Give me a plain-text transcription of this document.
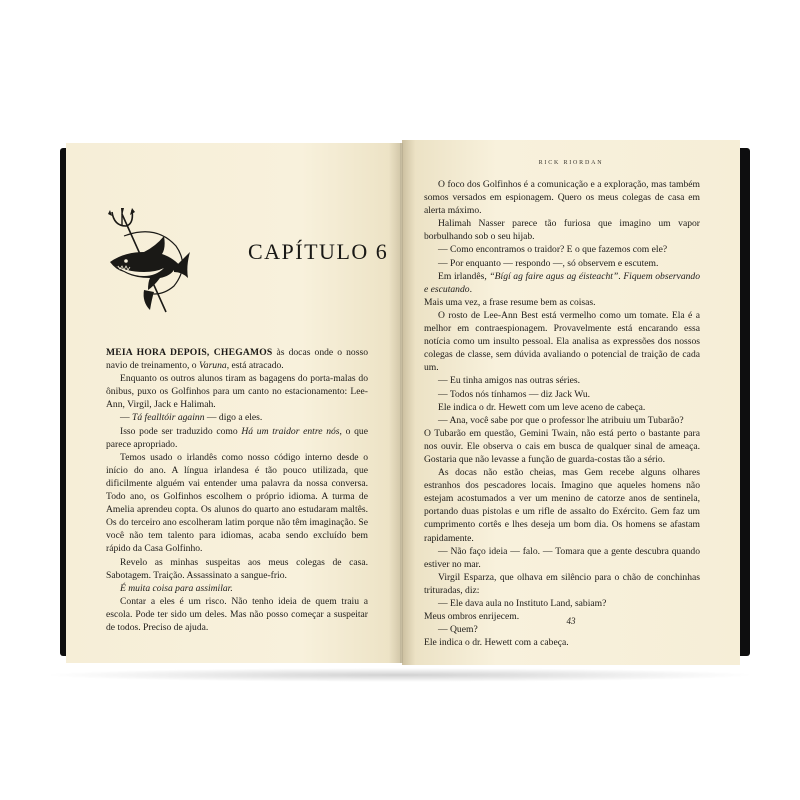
CAPÍTULO 6

MEIA HORA DEPOIS, CHEGAMOS às docas onde o nosso navio de treinamento, o Varuna, está atracado.

Enquanto os outros alunos tiram as bagagens do porta-malas do ônibus, puxo os Golfinhos para um canto no estacionamento: Lee-Ann, Virgil, Jack e Halimah.

— Tá fealltóir againn — digo a eles.

Isso pode ser traduzido como Há um traidor entre nós, o que parece apropriado.

Temos usado o irlandês como nosso código interno desde o início do ano. A língua irlandesa é tão pouco utilizada, que dificilmente alguém vai entender uma palavra da nossa conversa. Todo ano, os Golfinhos escolhem o próprio idioma. A turma de Amelia aprendeu copta. Os alunos do quarto ano estudaram maltês. Os do terceiro ano escolheram latim porque não têm imaginação. Se você não tem talento para idiomas, acaba sendo excluído bem rápido da Casa Golfinho.

Revelo as minhas suspeitas aos meus colegas de casa. Sabotagem. Traição. Assassinato a sangue-frio.

É muita coisa para assimilar.

Contar a eles é um risco. Não tenho ideia de quem traiu a escola. Pode ter sido um deles. Mas não posso começar a suspeitar de todos. Preciso de ajuda.

RICK RIORDAN

O foco dos Golfinhos é a comunicação e a exploração, mas também somos versados em espionagem. Quero os meus colegas de casa em alerta máximo.

Halimah Nasser parece tão furiosa que imagino um vapor borbulhando sob o seu hijab.

— Como encontramos o traidor? E o que fazemos com ele?

— Por enquanto — respondo —, só observem e escutem.

Em irlandês, “Bígí ag faire agus ag éisteacht”. Fiquem observando e escutando.

Mais uma vez, a frase resume bem as coisas.

O rosto de Lee-Ann Best está vermelho como um tomate. Ela é a melhor em contraespionagem. Provavelmente está encarando essa notícia como um insulto pessoal. Ela analisa as expressões dos nossos colegas de classe, sem dúvida avaliando o potencial de traição de cada um.

— Eu tinha amigos nas outras séries.

— Todos nós tínhamos — diz Jack Wu.

Ele indica o dr. Hewett com um leve aceno de cabeça.

— Ana, você sabe por que o professor lhe atribuiu um Tubarão?

O Tubarão em questão, Gemini Twain, não está perto o bastante para nos ouvir. Ele observa o cais em busca de qualquer sinal de ameaça. Gostaria que não levasse a função de guarda-costas tão a sério.

As docas não estão cheias, mas Gem recebe alguns olhares estranhos dos pescadores locais. Imagino que aqueles homens não estejam acostumados a ver um menino de catorze anos de sentinela, portando duas pistolas e um rifle de assalto do Exército. Gem faz um cumprimento cortês e lhes deseja um bom dia. Os homens se afastam rapidamente.

— Não faço ideia — falo. — Tomara que a gente descubra quando estiver no mar.

Virgil Esparza, que olhava em silêncio para o chão de conchinhas trituradas, diz:

— Ele dava aula no Instituto Land, sabiam?

Meus ombros enrijecem.

— Quem?

Ele indica o dr. Hewett com a cabeça.

43
